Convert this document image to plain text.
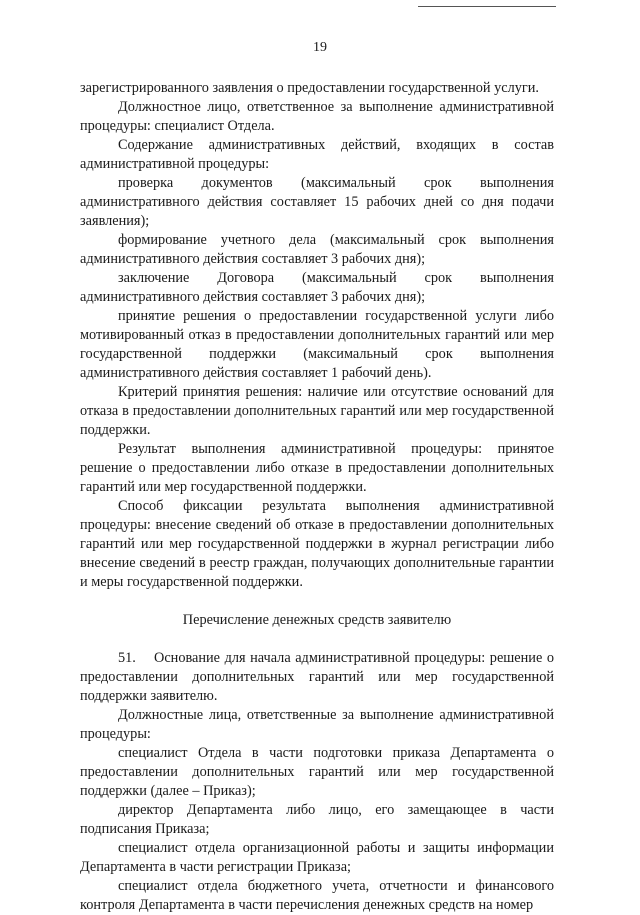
19

зарегистрированного заявления о предоставлении государственной услуги.

Должностное лицо, ответственное за выполнение административной процедуры: специалист Отдела.

Содержание административных действий, входящих в состав административной процедуры:

проверка документов (максимальный срок выполнения административного действия составляет 15 рабочих дней со дня подачи заявления);

формирование учетного дела (максимальный срок выполнения административного действия составляет 3 рабочих дня);

заключение Договора (максимальный срок выполнения административного действия составляет 3 рабочих дня);

принятие решения о предоставлении государственной услуги либо мотивированный отказ в предоставлении дополнительных гарантий или мер государственной поддержки (максимальный срок выполнения административного действия составляет 1 рабочий день).

Критерий принятия решения: наличие или отсутствие оснований для отказа в предоставлении дополнительных гарантий или мер государственной поддержки.

Результат выполнения административной процедуры: принятое решение о предоставлении либо отказе в предоставлении дополнительных гарантий или мер государственной поддержки.

Способ фиксации результата выполнения административной процедуры: внесение сведений об отказе в предоставлении дополнительных гарантий или мер государственной поддержки в журнал регистрации либо внесение сведений в реестр граждан, получающих дополнительные гарантии и меры государственной поддержки.

Перечисление денежных средств заявителю

51. Основание для начала административной процедуры: решение о предоставлении дополнительных гарантий или мер государственной поддержки заявителю.

Должностные лица, ответственные за выполнение административной процедуры:

специалист Отдела в части подготовки приказа Департамента о предоставлении дополнительных гарантий или мер государственной поддержки (далее – Приказ);

директор Департамента либо лицо, его замещающее в части подписания Приказа;

специалист отдела организационной работы и защиты информации Департамента в части регистрации Приказа;

специалист отдела бюджетного учета, отчетности и финансового контроля Департамента в части перечисления денежных средств на номер
